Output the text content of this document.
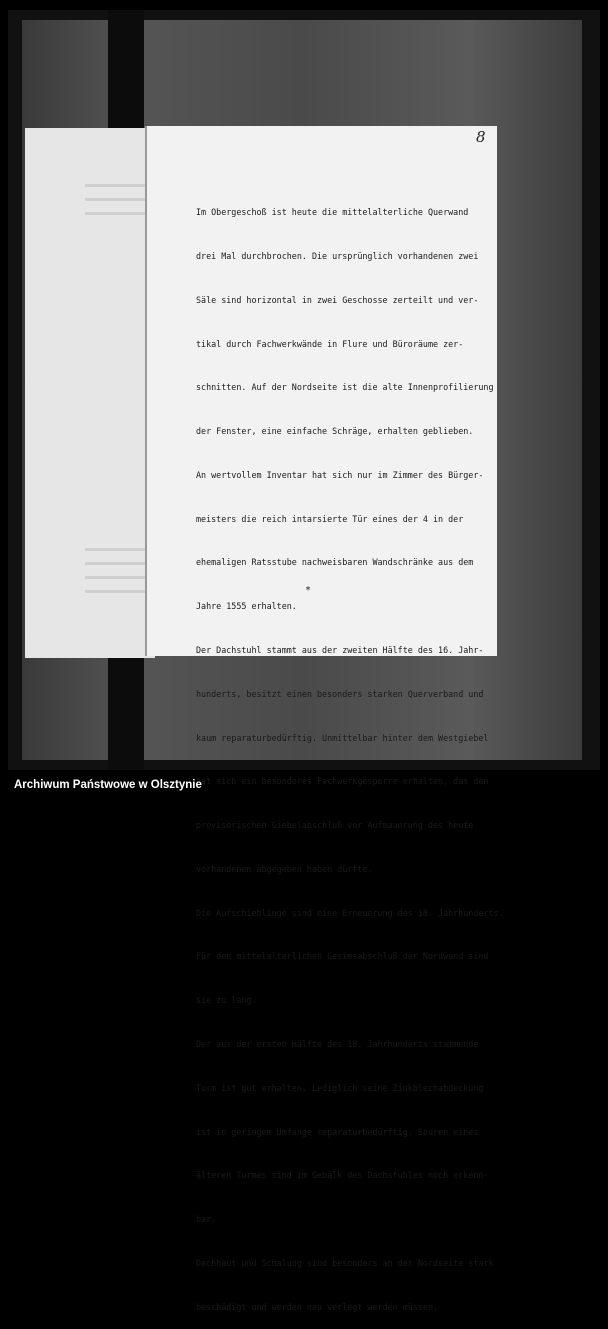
8

Im Obergeschoß ist heute die mittelalterliche Querwand

drei Mal durchbrochen. Die ursprünglich vorhandenen zwei

Säle sind horizontal in zwei Geschosse zerteilt und ver-

tikal durch Fachwerkwände in Flure und Büroräume zer-

schnitten. Auf der Nordseite ist die alte Innenprofilierung

der Fenster, eine einfache Schräge, erhalten geblieben.

An wertvollem Inventar hat sich nur im Zimmer des Bürger-

meisters die reich intarsierte Tür eines der 4 in der

ehemaligen Ratsstube nachweisbaren Wandschränke aus dem

Jahre 1555 erhalten.

Der Dachstuhl stammt aus der zweiten Hälfte des 16. Jahr-

hunderts, besitzt einen besonders starken Querverband und

kaum reparaturbedürftig. Unmittelbar hinter dem Westgiebel

hat sich ein besonderes Fachwerkgesperre erhalten, das den

provisorischen Giebelabschluß vor Aufmauerung des heute

vorhandenen abgegeben haben dürfte.

Die Aufschieblinge sind eine Erneuerung des 18. Jahrhunderts.

Für den mittelalterlichen Gesimsabschluß der Nordwand sind

sie zu lang.

Der aus der ersten Hälfte des 18. Jahrhunderts stammende

Turm ist gut erhalten. Lediglich seine Zinkblechabdeckung

ist in geringem Umfange reparaturbedürftig. Spuren eines

älteren Turmes sind im Gebälk des Dachstuhles noch erkenn-

bar.

Dachhaut und Schalung sind besonders an der Nordseite stark

beschädigt und werden neu verlegt werden müssen.

*
Archiwum Państwowe w Olsztynie
